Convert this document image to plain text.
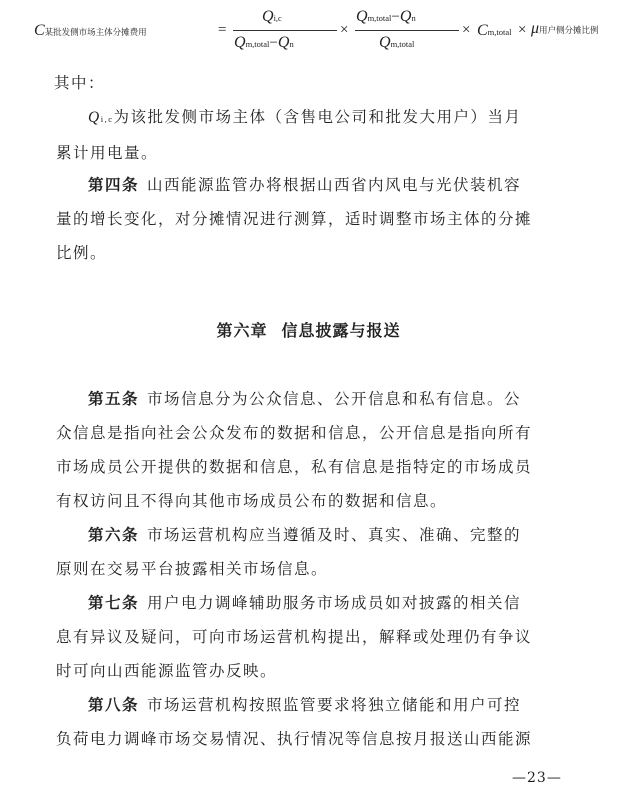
C某批发侧市场主体分摊费用	=
Qi,c
Qm,total−Qn
×
Qm,total−Qn
Qm,total
× Cm,total × μ用户侧分摊比例
其中：
Qi,c为该批发侧市场主体（含售电公司和批发大用户）当月
累计用电量。
第四条 山西能源监管办将根据山西省内风电与光伏装机容
量的增长变化，对分摊情况进行测算，适时调整市场主体的分摊
比例。
第六章 信息披露与报送
第五条 市场信息分为公众信息、公开信息和私有信息。公
众信息是指向社会公众发布的数据和信息，公开信息是指向所有
市场成员公开提供的数据和信息，私有信息是指特定的市场成员
有权访问且不得向其他市场成员公布的数据和信息。
第六条 市场运营机构应当遵循及时、真实、准确、完整的
原则在交易平台披露相关市场信息。
第七条 用户电力调峰辅助服务市场成员如对披露的相关信
息有异议及疑问，可向市场运营机构提出，解释或处理仍有争议
时可向山西能源监管办反映。
第八条 市场运营机构按照监管要求将独立储能和用户可控
负荷电力调峰市场交易情况、执行情况等信息按月报送山西能源
—23—
